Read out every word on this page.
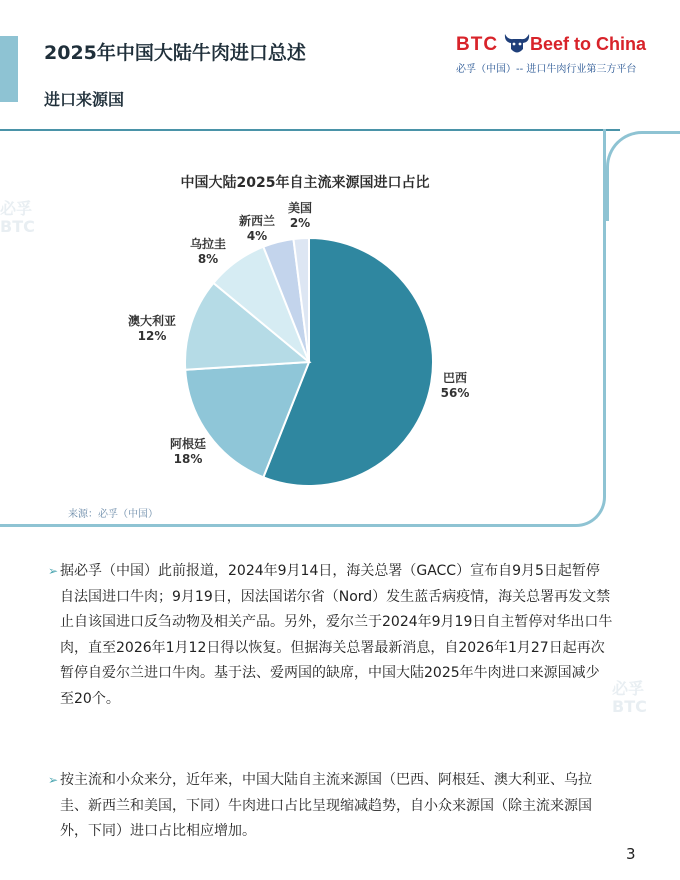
2025年中国大陆牛肉进口总述
进口来源国
BTC Beef to China
必孚（中国）-- 进口牛肉行业第三方平台
必孚
BTC
必孚
BTC
中国大陆2025年自主流来源国进口占比
巴西
56%
阿根廷
18%
澳大利亚
12%
乌拉圭
8%
新西兰
4%
美国
2%
来源：必孚（中国）
➢ 据必孚（中国）此前报道，2024年9月14日，海关总署（GACC）宣布自9月5日起暂停自法国进口牛肉；9月19日，因法国诺尔省（Nord）发生蓝舌病疫情，海关总署再发文禁止自该国进口反刍动物及相关产品。另外，爱尔兰于2024年9月19日自主暂停对华出口牛肉，直至2026年1月12日得以恢复。但据海关总署最新消息，自2026年1月27日起再次暂停自爱尔兰进口牛肉。基于法、爱两国的缺席，中国大陆2025年牛肉进口来源国减少至20个。
➢ 按主流和小众来分，近年来，中国大陆自主流来源国（巴西、阿根廷、澳大利亚、乌拉圭、新西兰和美国，下同）牛肉进口占比呈现缩减趋势，自小众来源国（除主流来源国外，下同）进口占比相应增加。
3
